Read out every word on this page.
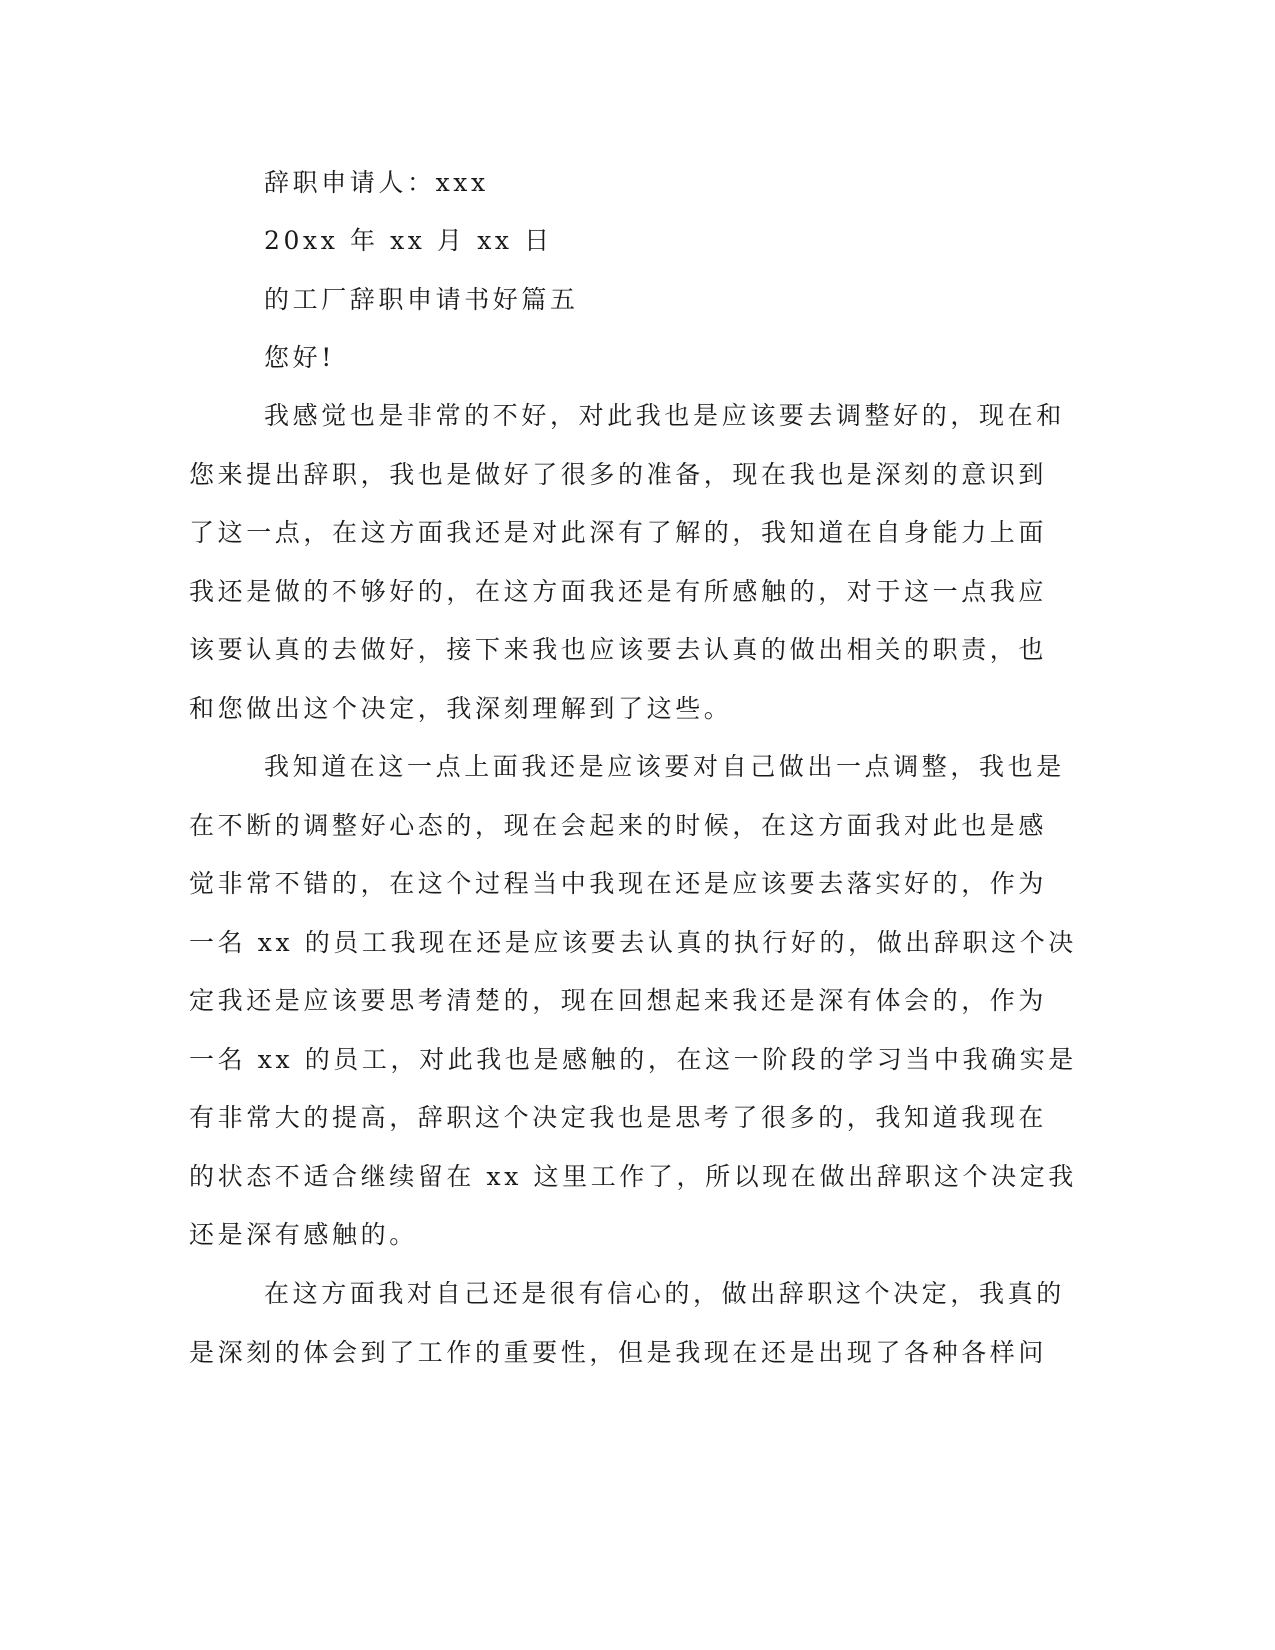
辞职申请人：xxx

20xx 年 xx 月 xx 日

的工厂辞职申请书好篇五

您好!

我感觉也是非常的不好，对此我也是应该要去调整好的，现在和

您来提出辞职，我也是做好了很多的准备，现在我也是深刻的意识到

了这一点，在这方面我还是对此深有了解的，我知道在自身能力上面

我还是做的不够好的，在这方面我还是有所感触的，对于这一点我应

该要认真的去做好，接下来我也应该要去认真的做出相关的职责，也

和您做出这个决定，我深刻理解到了这些。

我知道在这一点上面我还是应该要对自己做出一点调整，我也是

在不断的调整好心态的，现在会起来的时候，在这方面我对此也是感

觉非常不错的，在这个过程当中我现在还是应该要去落实好的，作为

一名 xx 的员工我现在还是应该要去认真的执行好的，做出辞职这个决

定我还是应该要思考清楚的，现在回想起来我还是深有体会的，作为

一名 xx 的员工，对此我也是感触的，在这一阶段的学习当中我确实是

有非常大的提高，辞职这个决定我也是思考了很多的，我知道我现在

的状态不适合继续留在 xx 这里工作了，所以现在做出辞职这个决定我

还是深有感触的。

在这方面我对自己还是很有信心的，做出辞职这个决定，我真的

是深刻的体会到了工作的重要性，但是我现在还是出现了各种各样问
